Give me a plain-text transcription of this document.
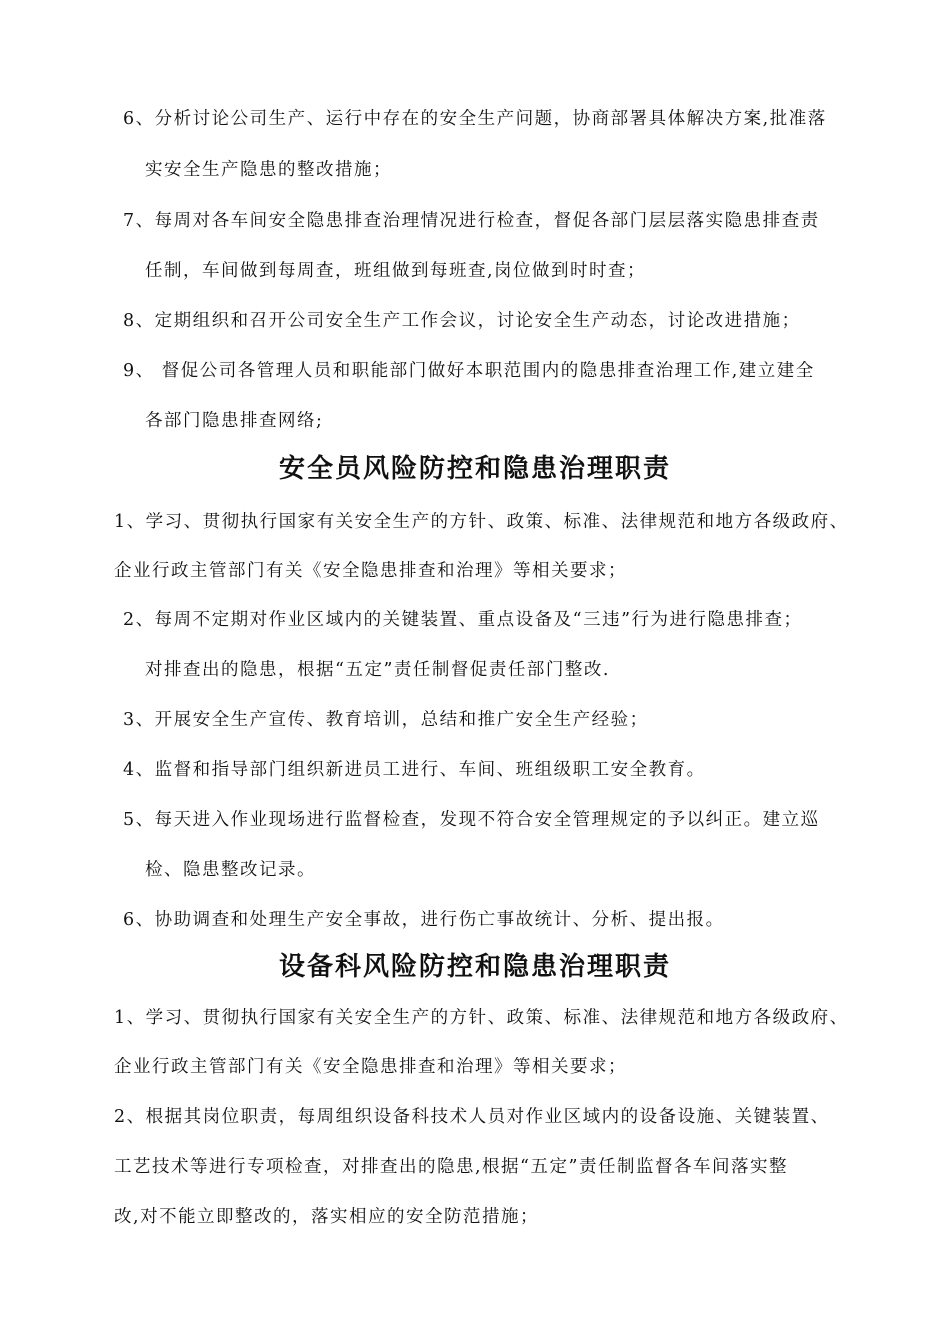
6、分析讨论公司生产、运行中存在的安全生产问题，协商部署具体解决方案,批准落
实安全生产隐患的整改措施；
7、每周对各车间安全隐患排查治理情况进行检查，督促各部门层层落实隐患排查责
任制，车间做到每周查，班组做到每班查,岗位做到时时查；
8、定期组织和召开公司安全生产工作会议，讨论安全生产动态，讨论改进措施；
9、 督促公司各管理人员和职能部门做好本职范围内的隐患排查治理工作,建立建全
各部门隐患排查网络;
安全员风险防控和隐患治理职责
1、学习、贯彻执行国家有关安全生产的方针、政策、标准、法律规范和地方各级政府、
企业行政主管部门有关《安全隐患排查和治理》等相关要求；
2、每周不定期对作业区域内的关键装置、重点设备及“三违”行为进行隐患排查；
对排查出的隐患，根据“五定”责任制督促责任部门整改.
3、开展安全生产宣传、教育培训，总结和推广安全生产经验；
4、监督和指导部门组织新进员工进行、车间、班组级职工安全教育。
5、每天进入作业现场进行监督检查，发现不符合安全管理规定的予以纠正。建立巡
检、隐患整改记录。
6、协助调查和处理生产安全事故，进行伤亡事故统计、分析、提出报。
设备科风险防控和隐患治理职责
1、学习、贯彻执行国家有关安全生产的方针、政策、标准、法律规范和地方各级政府、
企业行政主管部门有关《安全隐患排查和治理》等相关要求；
2、根据其岗位职责，每周组织设备科技术人员对作业区域内的设备设施、关键装置、
工艺技术等进行专项检查，对排查出的隐患,根据“五定”责任制监督各车间落实整
改,对不能立即整改的，落实相应的安全防范措施；
